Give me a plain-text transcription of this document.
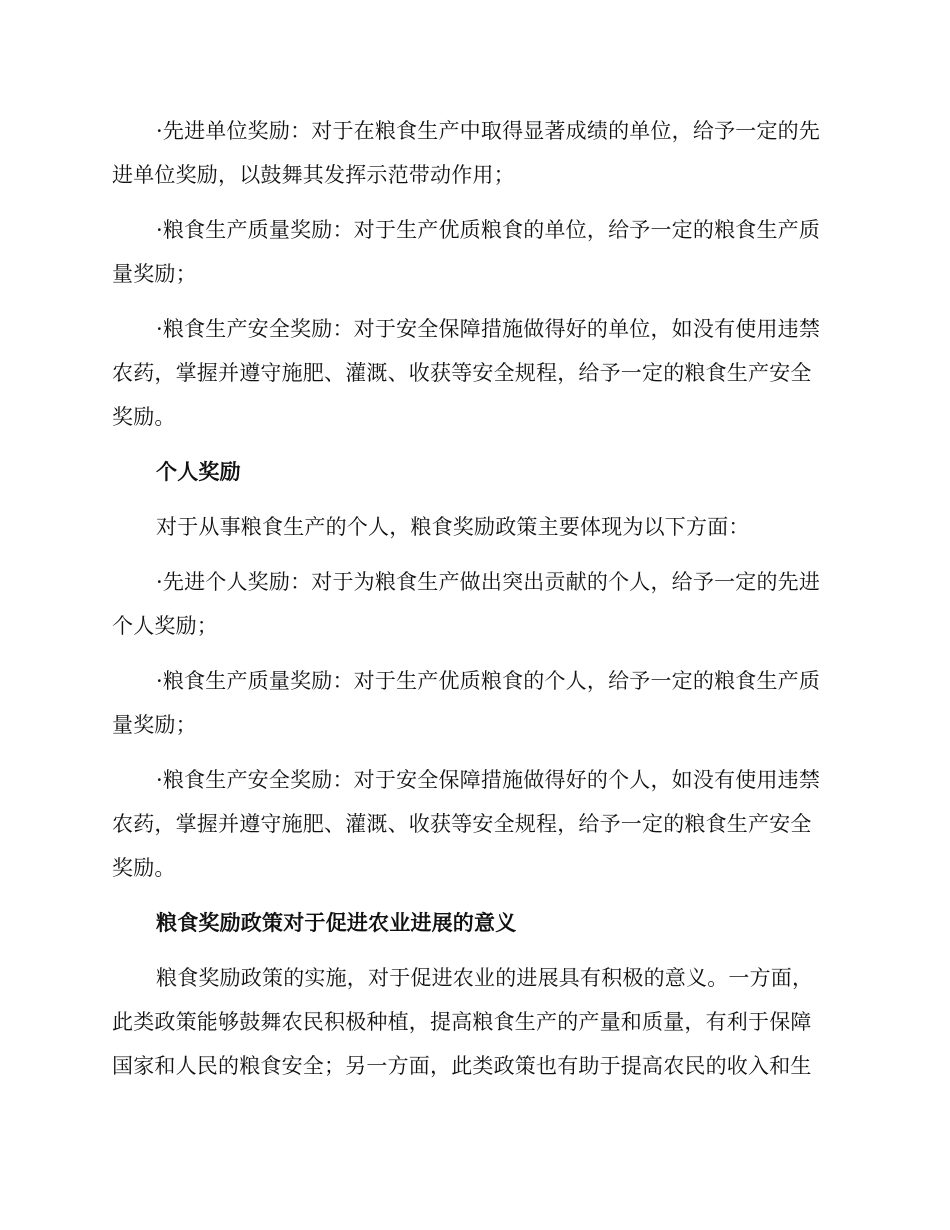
·先进单位奖励：对于在粮食生产中取得显著成绩的单位，给予一定的先进单位奖励，以鼓舞其发挥示范带动作用；

·粮食生产质量奖励：对于生产优质粮食的单位，给予一定的粮食生产质量奖励；

·粮食生产安全奖励：对于安全保障措施做得好的单位，如没有使用违禁农药，掌握并遵守施肥、灌溉、收获等安全规程，给予一定的粮食生产安全奖励。

个人奖励

对于从事粮食生产的个人，粮食奖励政策主要体现为以下方面：

·先进个人奖励：对于为粮食生产做出突出贡献的个人，给予一定的先进个人奖励；

·粮食生产质量奖励：对于生产优质粮食的个人，给予一定的粮食生产质量奖励；

·粮食生产安全奖励：对于安全保障措施做得好的个人，如没有使用违禁农药，掌握并遵守施肥、灌溉、收获等安全规程，给予一定的粮食生产安全奖励。

粮食奖励政策对于促进农业进展的意义

粮食奖励政策的实施，对于促进农业的进展具有积极的意义。一方面，此类政策能够鼓舞农民积极种植，提高粮食生产的产量和质量，有利于保障国家和人民的粮食安全；另一方面，此类政策也有助于提高农民的收入和生
